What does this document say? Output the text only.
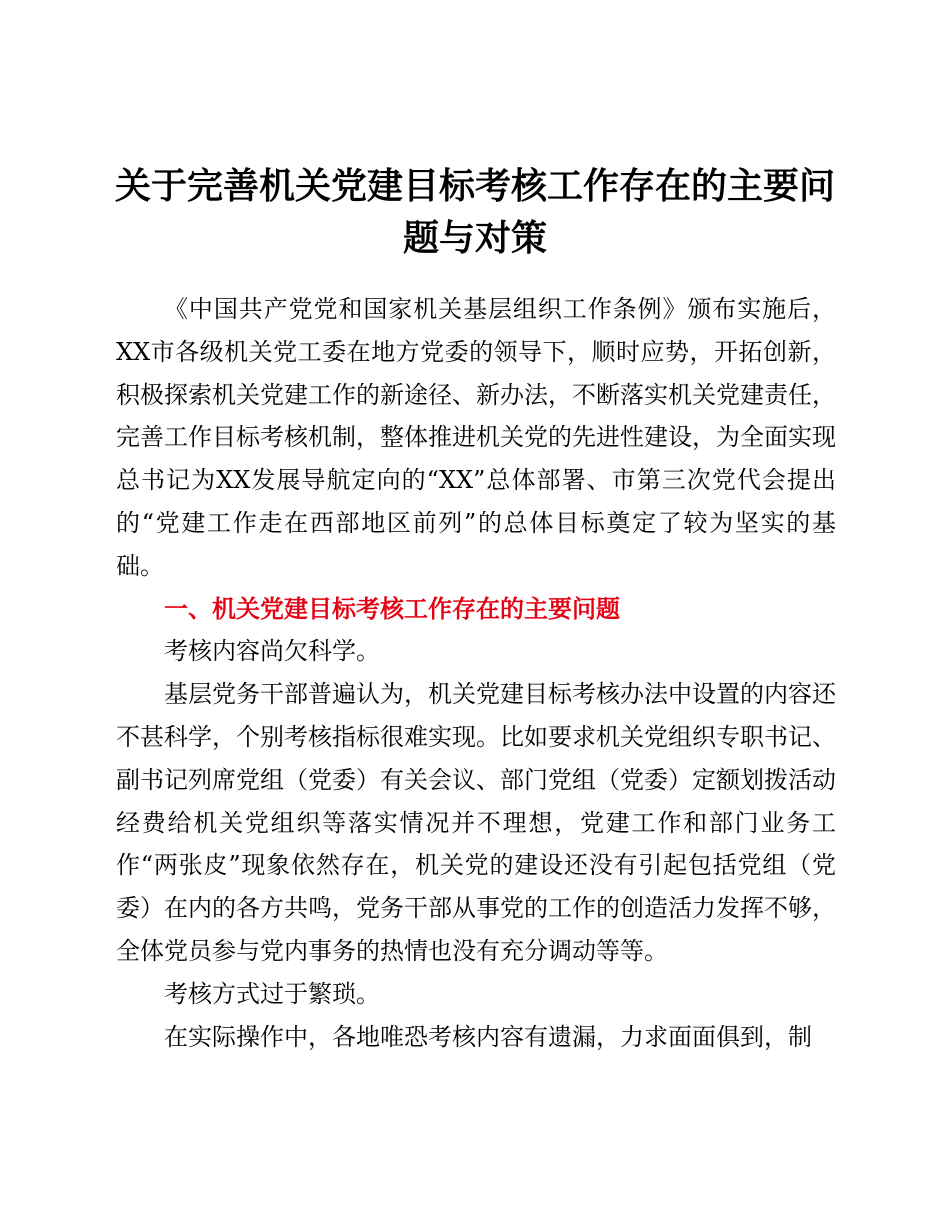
关于完善机关党建目标考核工作存在的主要问题与对策

《中国共产党党和国家机关基层组织工作条例》颁布实施后，XX市各级机关党工委在地方党委的领导下，顺时应势，开拓创新，积极探索机关党建工作的新途径、新办法，不断落实机关党建责任，完善工作目标考核机制，整体推进机关党的先进性建设，为全面实现总书记为XX发展导航定向的“XX”总体部署、市第三次党代会提出的“党建工作走在西部地区前列”的总体目标奠定了较为坚实的基础。

一、机关党建目标考核工作存在的主要问题

考核内容尚欠科学。

基层党务干部普遍认为，机关党建目标考核办法中设置的内容还不甚科学，个别考核指标很难实现。比如要求机关党组织专职书记、副书记列席党组（党委）有关会议、部门党组（党委）定额划拨活动经费给机关党组织等落实情况并不理想，党建工作和部门业务工作“两张皮”现象依然存在，机关党的建设还没有引起包括党组（党委）在内的各方共鸣，党务干部从事党的工作的创造活力发挥不够，全体党员参与党内事务的热情也没有充分调动等等。

考核方式过于繁琐。

在实际操作中，各地唯恐考核内容有遗漏，力求面面俱到，制
